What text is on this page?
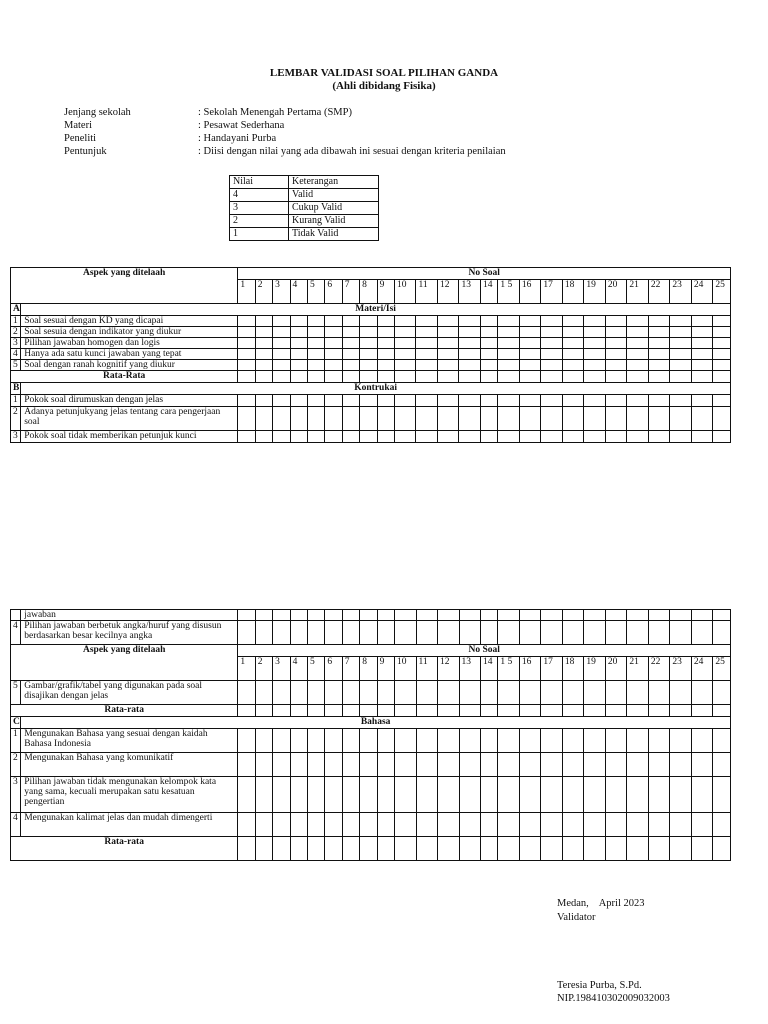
LEMBAR VALIDASI SOAL PILIHAN GANDA
(Ahli dibidang Fisika)
Jenjang sekolah	: Sekolah Menengah Pertama (SMP)
Materi	: Pesawat Sederhana
Peneliti	: Handayani Purba
Pentunjuk	: Diisi dengan nilai yang ada dibawah ini sesuai dengan kriteria penilaian
Nilai	Keterangan
4	Valid
3	Cukup Valid
2	Kurang Valid
1	Tidak Valid
Aspek yang ditelaah		No Soal																								
		1	2	3	4	5	6	7	8	9	10	11	12	13	14	1 5	16	17	18	19	20	21	22	23	24	25
A	Materi/Isi																									
1	Soal sesuai dengan KD yang dicapai																									
2	Soal sesuia dengan indikator yang diukur																									
3	Pilihan jawaban homogen dan logis																									
4	Hanya ada satu kunci jawaban yang tepat																									
5	Soal dengan ranah kognitif yang diukur																									
Rata-Rata																										
B	Kontrukai																									
1	Pokok soal dirumuskan dengan jelas																									
2	Adanya petunjukyang jelas tentang cara pengerjaan soal																									
3	Pokok soal tidak memberikan petunjuk kunci																									
	jawaban																									
4	Pilihan jawaban berbetuk angka/huruf yang disusun berdasarkan besar kecilnya angka																									
Aspek yang ditelaah		No Soal																								
		1	2	3	4	5	6	7	8	9	10	11	12	13	14	1 5	16	17	18	19	20	21	22	23	24	25
5	Gambar/grafik/tabel yang digunakan pada soal disajikan dengan jelas																									
Rata-rata																										
C	Bahasa																									
1	Mengunakan Bahasa yang sesuai dengan kaidah Bahasa Indonesia																									
2	Mengunakan Bahasa yang komunikatif																									
3	Pilihan jawaban tidak mengunakan kelompok kata yang sama, kecuali merupakan satu kesatuan pengertian																									
4	Mengunakan kalimat jelas dan mudah dimengerti																									
Rata-rata																										
Medan,    April 2023
Validator
Teresia Purba, S.Pd.
NIP.198410302009032003
